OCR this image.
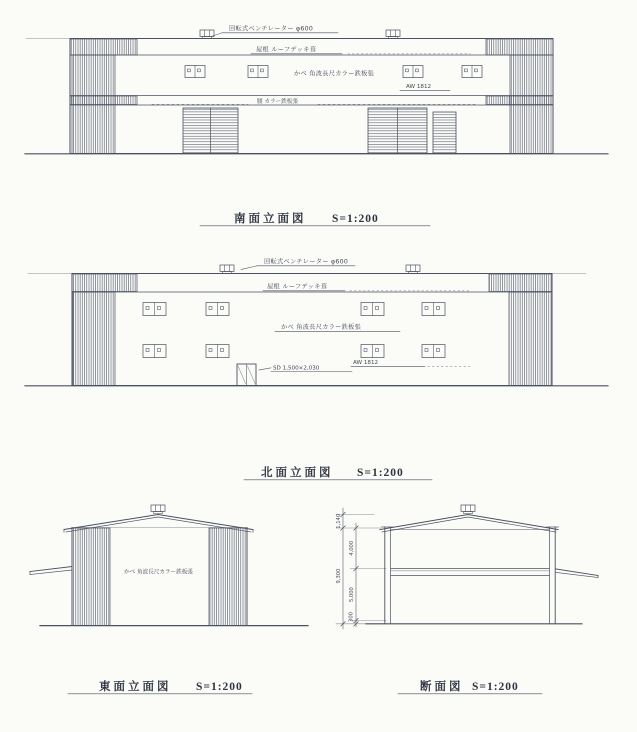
回転式ベンチレーター φ600
屋根 ルーフデッキ葺
かべ 角波長尺カラー鉄板張
AW 1812
腰 カラー鉄板張
南面立面図 S=1:200
回転式ベンチレーター φ600
屋根 ルーフデッキ葺
かべ 角波長尺カラー鉄板張
SD 1,500×2,030
AW 1812
北面立面図 S=1:200
かべ 角波長尺カラー鉄板張
東面立面図 S=1:200
1,140
9,300
4,000
5,000
300
断面図 S=1:200
